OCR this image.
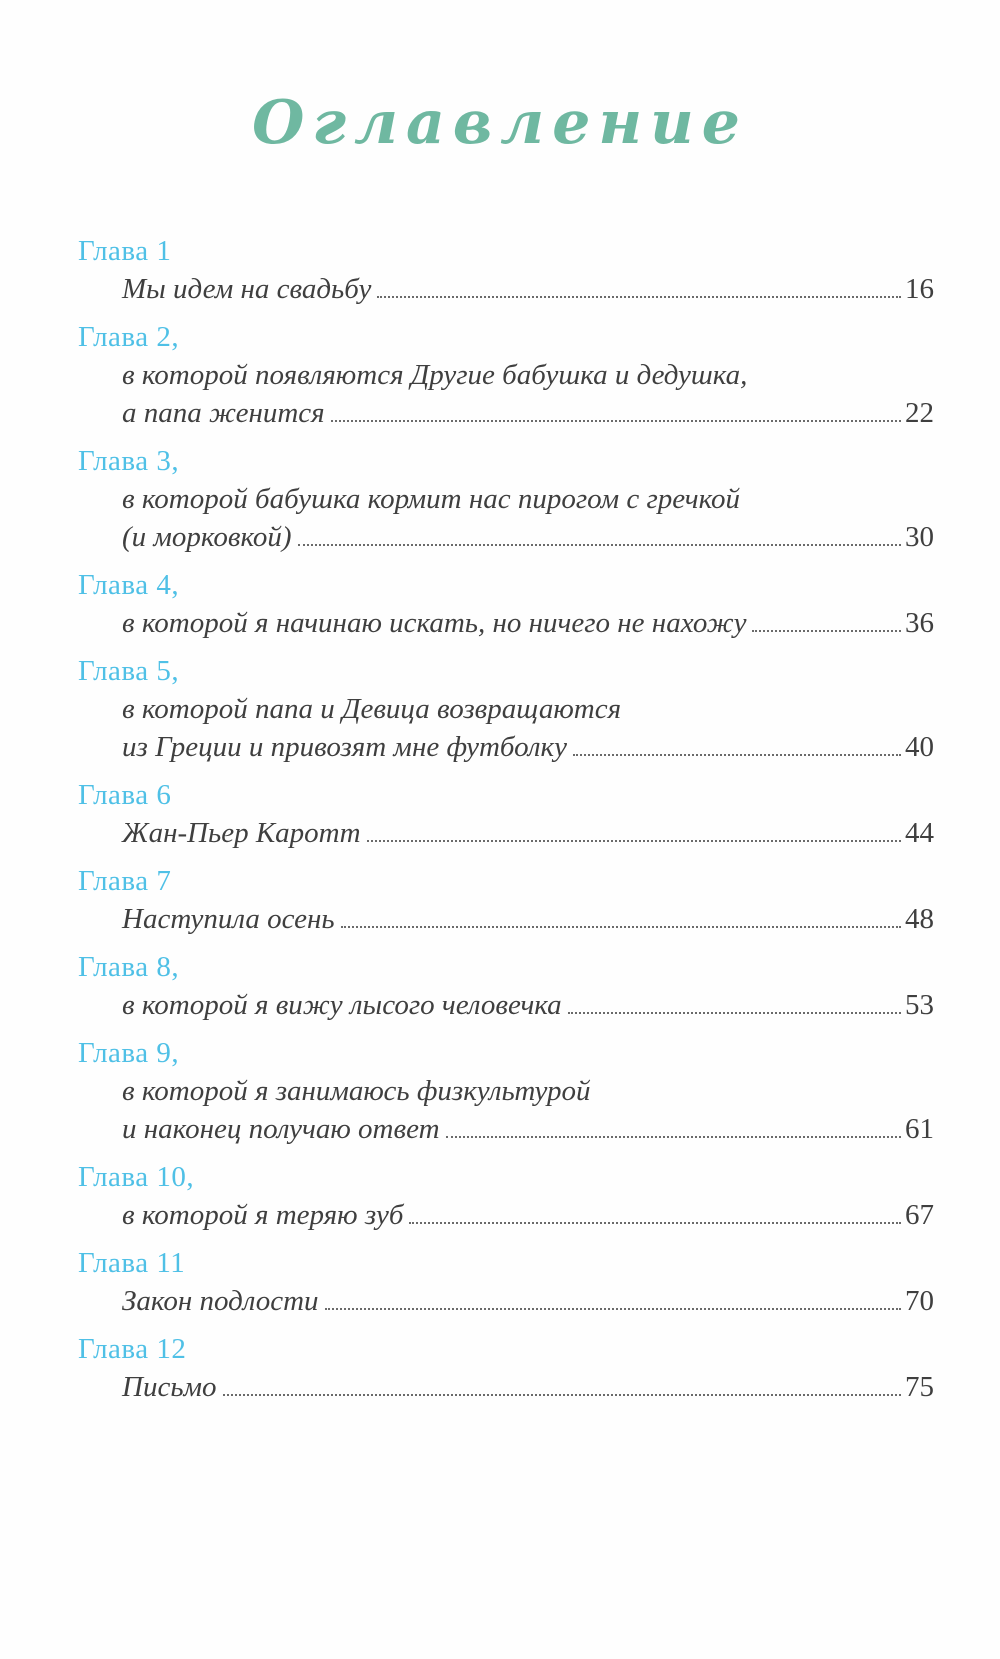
Оглавление
Глава 1
Мы идем на свадьбу	16
Глава 2,
в которой появляются Другие бабушка и дедушка,
а папа женится	22
Глава 3,
в которой бабушка кормит нас пирогом с гречкой
(и морковкой)	30
Глава 4,
в которой я начинаю искать, но ничего не нахожу	36
Глава 5,
в которой папа и Девица возвращаются
из Греции и привозят мне футболку	40
Глава 6
Жан-Пьер Каротт	44
Глава 7
Наступила осень	48
Глава 8,
в которой я вижу лысого человечка	53
Глава 9,
в которой я занимаюсь физкультурой
и наконец получаю ответ	61
Глава 10,
в которой я теряю зуб	67
Глава 11
Закон подлости	70
Глава 12
Письмо	75
